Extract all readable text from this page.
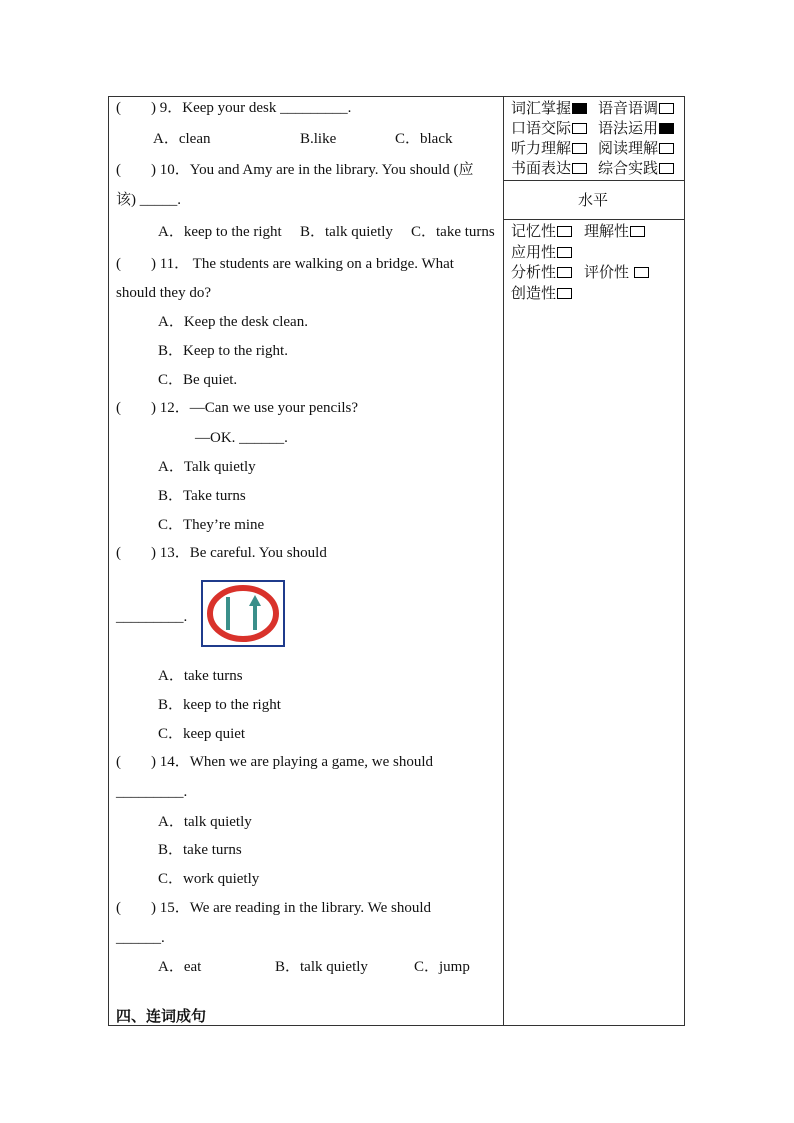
(　　) 9．Keep your desk _________.
A．clean	B.like	C．black
(　　) 10．You and Amy are in the library. You should (应
该) _____.
A．keep to the right B．talk quietly C．take turns
(　　) 11． The students are walking on a bridge. What
should they do?
A．Keep the desk clean.
B．Keep to the right.
C．Be quiet.
(　　) 12．—Can we use your pencils?
—OK. ______.
A．Talk quietly
B．Take turns
C．They’re mine
(　　) 13．Be careful. You should
_________.
A．take turns
B．keep to the right
C．keep quiet
(　　) 14．When we are playing a game, we should
_________.
A．talk quietly
B．take turns
C．work quietly
(　　) 15．We are reading in the library. We should
______.
A．eat	B．talk quietly	C．jump
四、连词成句
词汇掌握	语音语调
口语交际	语法运用
听力理解	阅读理解
书面表达	综合实践
水平
记忆性	理解性
应用性
分析性	评价性
创造性
